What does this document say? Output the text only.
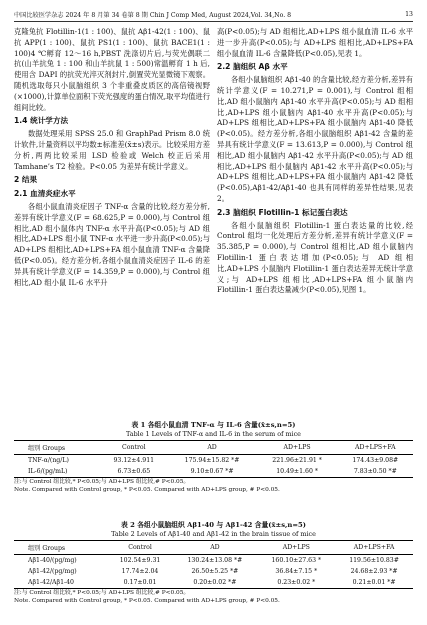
中国比较医学杂志 2024 年 8 月第 34 卷第 8 期 Chin J Comp Med, August 2024,Vol. 34,No. 8	13

克隆兔抗 Flotillin-1(1 : 100)、鼠抗 Aβ1-42(1 : 100)、鼠抗 APP(1 : 100)、鼠抗 PS1(1 : 100)、鼠抗 BACE1(1 : 100)4 ℃孵育 12～16 h,PBST 洗涤切片后,与荧光偶联二抗(山羊抗兔 1 : 100 和山羊抗鼠 1 : 500)常温孵育 1 h 后,使用含 DAPI 的抗荧光淬灭剂封片,倒置荧光显微镜下观察。随机选取每只小鼠脑组织 3 个非重叠皮质区的高倍镜视野(×1000),计算单位面积下荧光强度的蛋白情况,取平均值进行组间比较。

1.4 统计学方法

数据处理采用 SPSS 25.0 和 GraphPad Prism 8.0 统计软件,计量资料以平均数±标准差(x̄±s)表示。比较采用方差分析,两两比较采用 LSD 检验或 Welch 校正后采用 Tamhane’s T2 检验。P<0.05 为差异有统计学意义。

2 结果
2.1 血清炎症水平

各组小鼠血清炎症因子 TNF-α 含量的比较,经方差分析,差异有统计学意义(F = 68.625,P = 0.000),与 Control 组相比,AD 组小鼠体内 TNF-α 水平升高(P<0.05);与 AD 组相比,AD+LPS 组小鼠 TNF-α 水平进一步升高(P<0.05);与 AD+LPS 组相比,AD+LPS+FA 组小鼠血清 TNF-α 含量降低(P<0.05)。经方差分析,各组小鼠血清炎症因子 IL-6 的差异具有统计学意义(F = 14.359,P = 0.000),与 Control 组相比,AD 组小鼠 IL-6 水平升

高(P<0.05);与 AD 组相比,AD+LPS 组小鼠血清 IL-6 水平进一步升高(P<0.05);与 AD+LPS 组相比,AD+LPS+FA 组小鼠血清 IL-6 含量降低(P<0.05),见表 1。

2.2 脑组织 Aβ 水平

各组小鼠脑组织 Aβ1-40 的含量比较,经方差分析,差异有统计学意义(F = 10.271,P = 0.001),与 Control 组相比,AD 组小鼠脑内 Aβ1-40 水平升高(P<0.05);与 AD 组相比,AD+LPS 组小鼠脑内 Aβ1-40 水平升高(P<0.05);与 AD+LPS 组相比,AD+LPS+FA 组小鼠脑内 Aβ1-40 降低(P<0.05)。经方差分析,各组小鼠脑组织 Aβ1-42 含量的差异具有统计学意义(F = 13.613,P = 0.000),与 Control 组相比,AD 组小鼠脑内 Aβ1-42 水平升高(P<0.05);与 AD 组相比,AD+LPS 组小鼠脑内 Aβ1-42 水平升高(P<0.05);与 AD+LPS 组相比,AD+LPS+FA 组小鼠脑内 Aβ1-42 降低(P<0.05),Aβ1-42/Aβ1-40 也具有同样的差异性结果,见表 2。

2.3 脑组织 Flotillin-1 标记蛋白表达

各组小鼠脑组织 Flotillin-1 蛋白表达量的比较,经 Control 组均一化处理后方差分析,差异有统计学意义(F = 35.385,P = 0.000),与 Control 组相比,AD 组小鼠脑内 Flotillin-1 蛋白表达增加(P<0.05);与 AD 组相比,AD+LPS 小鼠脑内 Flotillin-1 蛋白表达差异无统计学意义;与 AD+LPS 组相比,AD+LPS+FA 组小鼠脑内 Flotillin-1 蛋白表达量减少(P<0.05),见图 1。

表 1 各组小鼠血清 TNF-α 与 IL-6 含量(x̄±s,n=5)
Table 1 Levels of TNF-α and IL-6 in the serum of mice
组别 Groups	Control	AD	AD+LPS	AD+LPS+FA
TNF-α/(ng/L)	93.12±4.911	175.94±15.82 *#	221.96±21.91 *	174.43±9.08#
IL-6/(pg/mL)	6.73±0.65	9.10±0.67 *#	10.49±1.60 *	7.83±0.50 *#
注:与 Control 组比较,* P<0.05;与 AD+LPS 组比较,# P<0.05。
Note. Compared with Control group, * P<0.05. Compared with AD+LPS group, # P<0.05.
表 2 各组小鼠脑组织 Aβ1-40 与 Aβ1-42 含量(x̄±s,n=5)
Table 2 Levels of Aβ1-40 and Aβ1-42 in the brain tissue of mice
组别 Groups	Control	AD	AD+LPS	AD+LPS+FA
Aβ1-40/(pg/mg)	102.54±9.31	130.24±13.08 *#	160.10±27.63 *	119.56±10.83#
Aβ1-42/(pg/mg)	17.74±2.04	26.50±5.25 *#	36.84±7.15 *	24.68±2.93 *#
Aβ1-42/Aβ1-40	0.17±0.01	0.20±0.02 *#	0.23±0.02 *	0.21±0.01 *#
注:与 Control 组比较,* P<0.05;与 AD+LPS 组比较,# P<0.05。
Note. Compared with Control group, * P<0.05. Compared with AD+LPS group, # P<0.05.
